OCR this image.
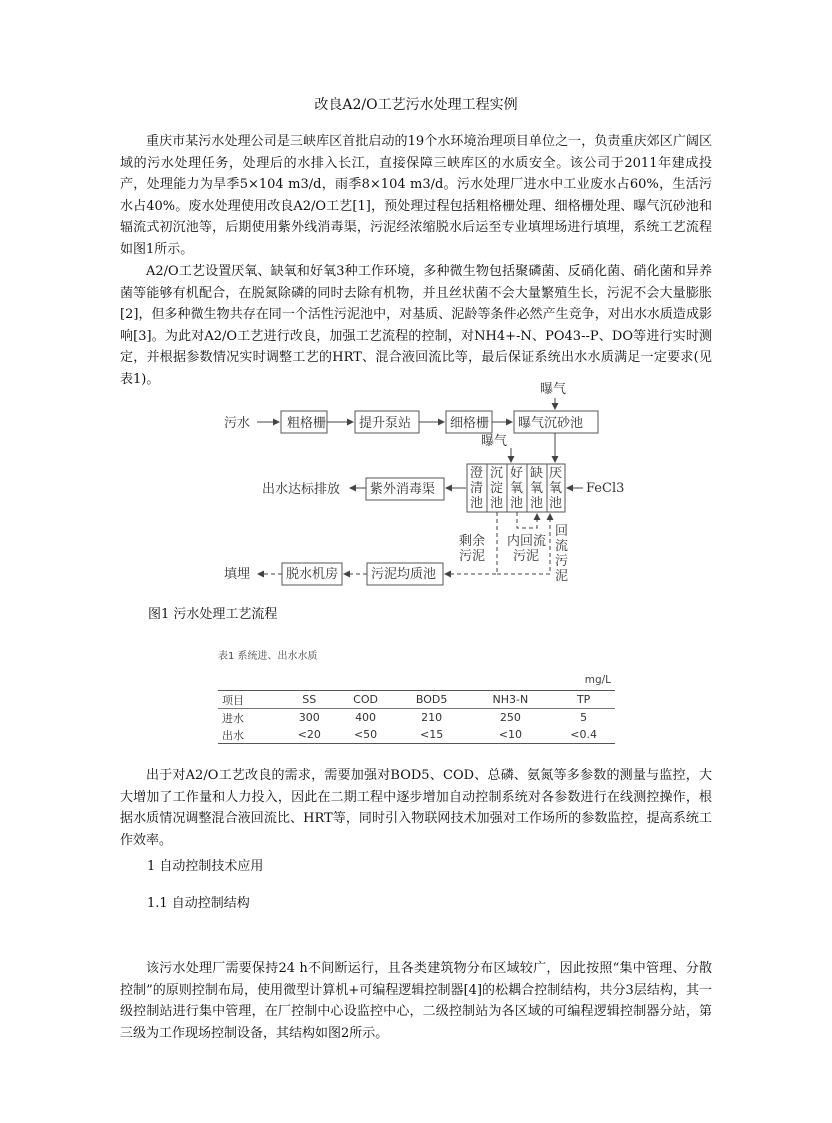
改良A2/O工艺污水处理工程实例

重庆市某污水处理公司是三峡库区首批启动的19个水环境治理项目单位之一，负责重庆郊区广阔区域的污水处理任务，处理后的水排入长江，直接保障三峡库区的水质安全。该公司于2011年建成投产，处理能力为旱季5×104 m3/d，雨季8×104 m3/d。污水处理厂进水中工业废水占60%，生活污水占40%。废水处理使用改良A2/O工艺[1]，预处理过程包括粗格栅处理、细格栅处理、曝气沉砂池和辐流式初沉池等，后期使用紫外线消毒渠，污泥经浓缩脱水后运至专业填埋场进行填埋，系统工艺流程如图1所示。

A2/O工艺设置厌氧、缺氧和好氧3种工作环境，多种微生物包括聚磷菌、反硝化菌、硝化菌和异养菌等能够有机配合，在脱氮除磷的同时去除有机物，并且丝状菌不会大量繁殖生长，污泥不会大量膨胀[2]，但多种微生物共存在同一个活性污泥池中，对基质、泥龄等条件必然产生竞争，对出水水质造成影响[3]。为此对A2/O工艺进行改良，加强工艺流程的控制，对NH4+-N、PO43--P、DO等进行实时测定，并根据参数情况实时调整工艺的HRT、混合液回流比等，最后保证系统出水水质满足一定要求(见表1)。

污水	粗格栅	提升泵站	细格栅 曝气沉砂池
曝气
曝气
澄清池
沉淀池
好氧池
缺氧池
厌氧池
FeCl3
紫外消毒渠
出水达标排放
内回流污泥
回流污泥
剩余污泥
污泥均质池
脱水机房
填埋
图1 污水处理工艺流程
表1 系统进、出水水质
mg/L
项目	SS	COD	BOD5	NH3-N	TP
进水	300	400	210	250	5
出水	<20	<50	<15	<10	<0.4

出于对A2/O工艺改良的需求，需要加强对BOD5、COD、总磷、氨氮等多参数的测量与监控，大大增加了工作量和人力投入，因此在二期工程中逐步增加自动控制系统对各参数进行在线测控操作，根据水质情况调整混合液回流比、HRT等，同时引入物联网技术加强对工作场所的参数监控，提高系统工作效率。

1 自动控制技术应用
1.1 自动控制结构

该污水处理厂需要保持24 h不间断运行，且各类建筑物分布区域较广，因此按照“集中管理、分散控制”的原则控制布局，使用微型计算机+可编程逻辑控制器[4]的松耦合控制结构，共分3层结构，其一级控制站进行集中管理，在厂控制中心设监控中心，二级控制站为各区域的可编程逻辑控制器分站，第三级为工作现场控制设备，其结构如图2所示。
